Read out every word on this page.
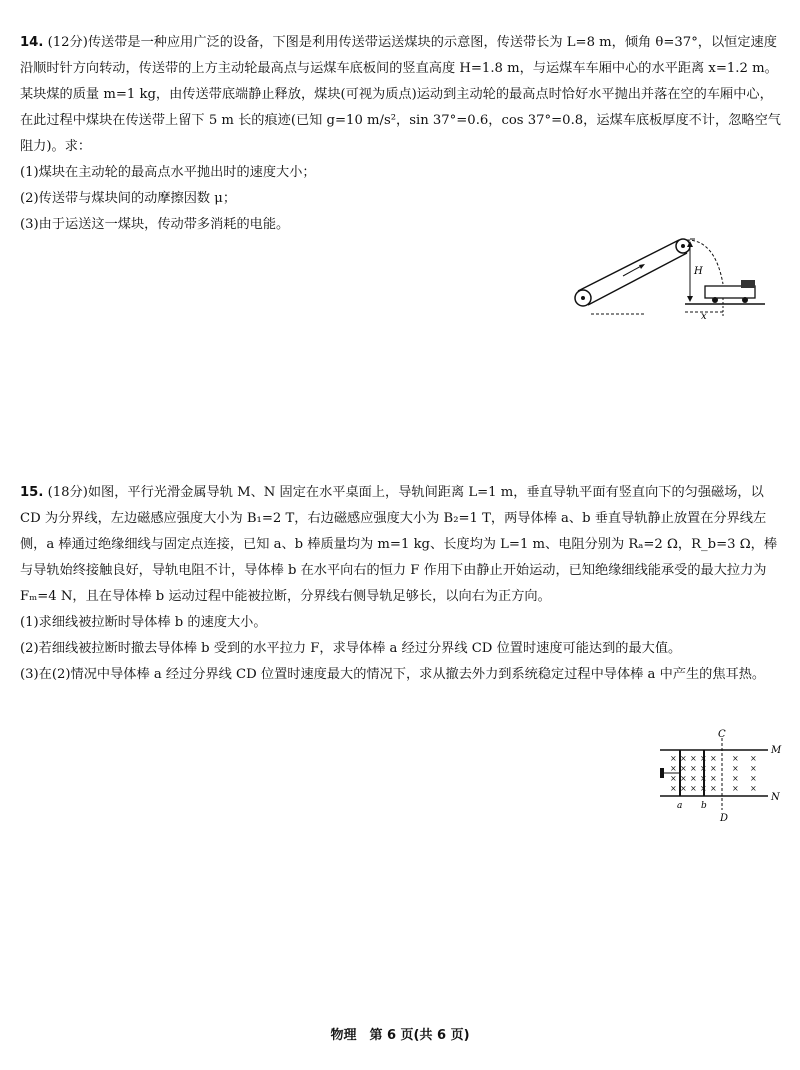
14. (12分)传送带是一种应用广泛的设备，下图是利用传送带运送煤块的示意图，传送带长为 L=8 m，倾角 θ=37°，以恒定速度沿顺时针方向转动，传送带的上方主动轮最高点与运煤车底板间的竖直高度 H=1.8 m，与运煤车车厢中心的水平距离 x=1.2 m。某块煤的质量 m=1 kg，由传送带底端静止释放，煤块(可视为质点)运动到主动轮的最高点时恰好水平抛出并落在空的车厢中心，在此过程中煤块在传送带上留下 5 m 长的痕迹(已知 g=10 m/s²，sin 37°=0.6，cos 37°=0.8，运煤车底板厚度不计，忽略空气阻力)。求：

(1)煤块在主动轮的最高点水平抛出时的速度大小；
(2)传送带与煤块间的动摩擦因数 μ；
(3)由于运送这一煤块，传动带多消耗的电能。
H
x

15. (18分)如图，平行光滑金属导轨 M、N 固定在水平桌面上，导轨间距离 L=1 m，垂直导轨平面有竖直向下的匀强磁场，以 CD 为分界线，左边磁感应强度大小为 B₁=2 T，右边磁感应强度大小为 B₂=1 T，两导体棒 a、b 垂直导轨静止放置在分界线左侧，a 棒通过绝缘细线与固定点连接，已知 a、b 棒质量均为 m=1 kg、长度均为 L=1 m、电阻分别为 Rₐ=2 Ω，R_b=3 Ω，棒与导轨始终接触良好，导轨电阻不计，导体棒 b 在水平向右的恒力 F 作用下由静止开始运动，已知绝缘细线能承受的最大拉力为 Fₘ=4 N，且在导体棒 b 运动过程中能被拉断，分界线右侧导轨足够长，以向右为正方向。

(1)求细线被拉断时导体棒 b 的速度大小。
(2)若细线被拉断时撤去导体棒 b 受到的水平拉力 F，求导体棒 a 经过分界线 CD 位置时速度可能达到的最大值。
(3)在(2)情况中导体棒 a 经过分界线 CD 位置时速度最大的情况下，求从撤去外力到系统稳定过程中导体棒 a 中产生的焦耳热。
M
N
C
D
a b
× × × × × × ×
× × × × × × ×
× × × × × × ×
× × × × × × ×
物理　第 6 页(共 6 页)
